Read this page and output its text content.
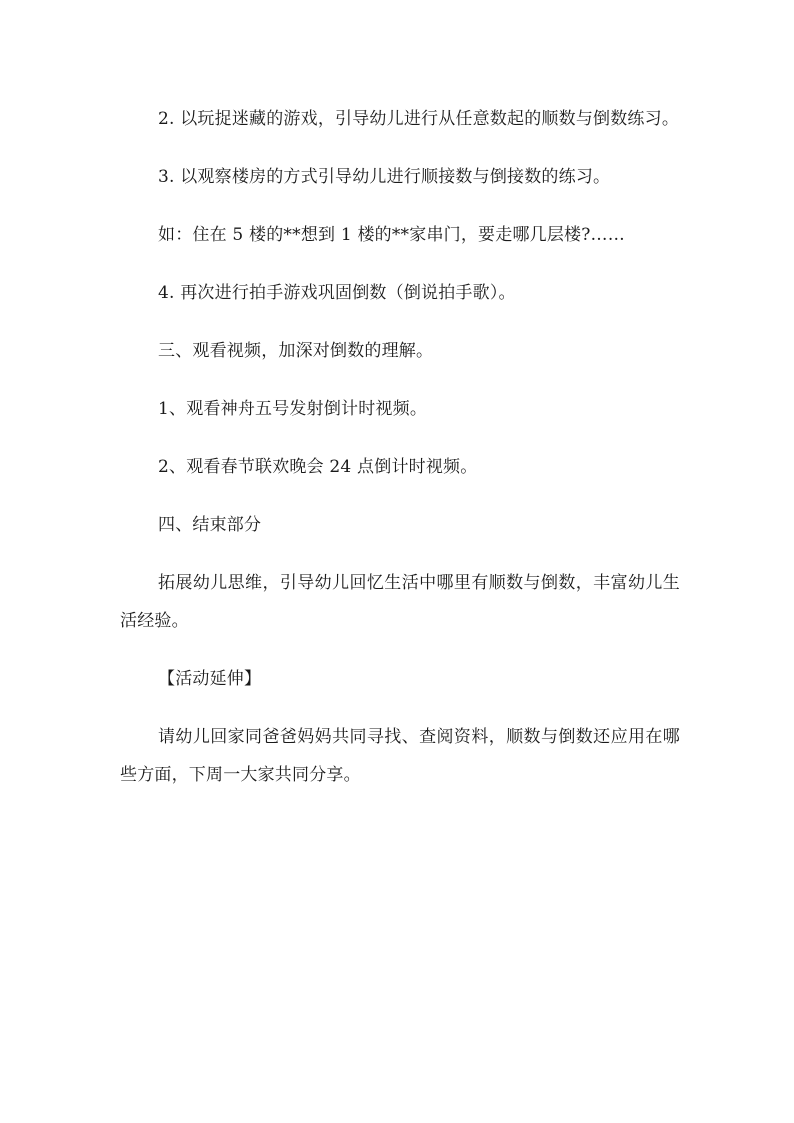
2. 以玩捉迷藏的游戏，引导幼儿进行从任意数起的顺数与倒数练习。

3. 以观察楼房的方式引导幼儿进行顺接数与倒接数的练习。

如：住在 5 楼的**想到 1 楼的**家串门，要走哪几层楼?……

4. 再次进行拍手游戏巩固倒数（倒说拍手歌）。

三、观看视频，加深对倒数的理解。

1、观看神舟五号发射倒计时视频。

2、观看春节联欢晚会 24 点倒计时视频。

四、结束部分

拓展幼儿思维，引导幼儿回忆生活中哪里有顺数与倒数，丰富幼儿生活经验。

【活动延伸】

请幼儿回家同爸爸妈妈共同寻找、查阅资料，顺数与倒数还应用在哪些方面，下周一大家共同分享。
